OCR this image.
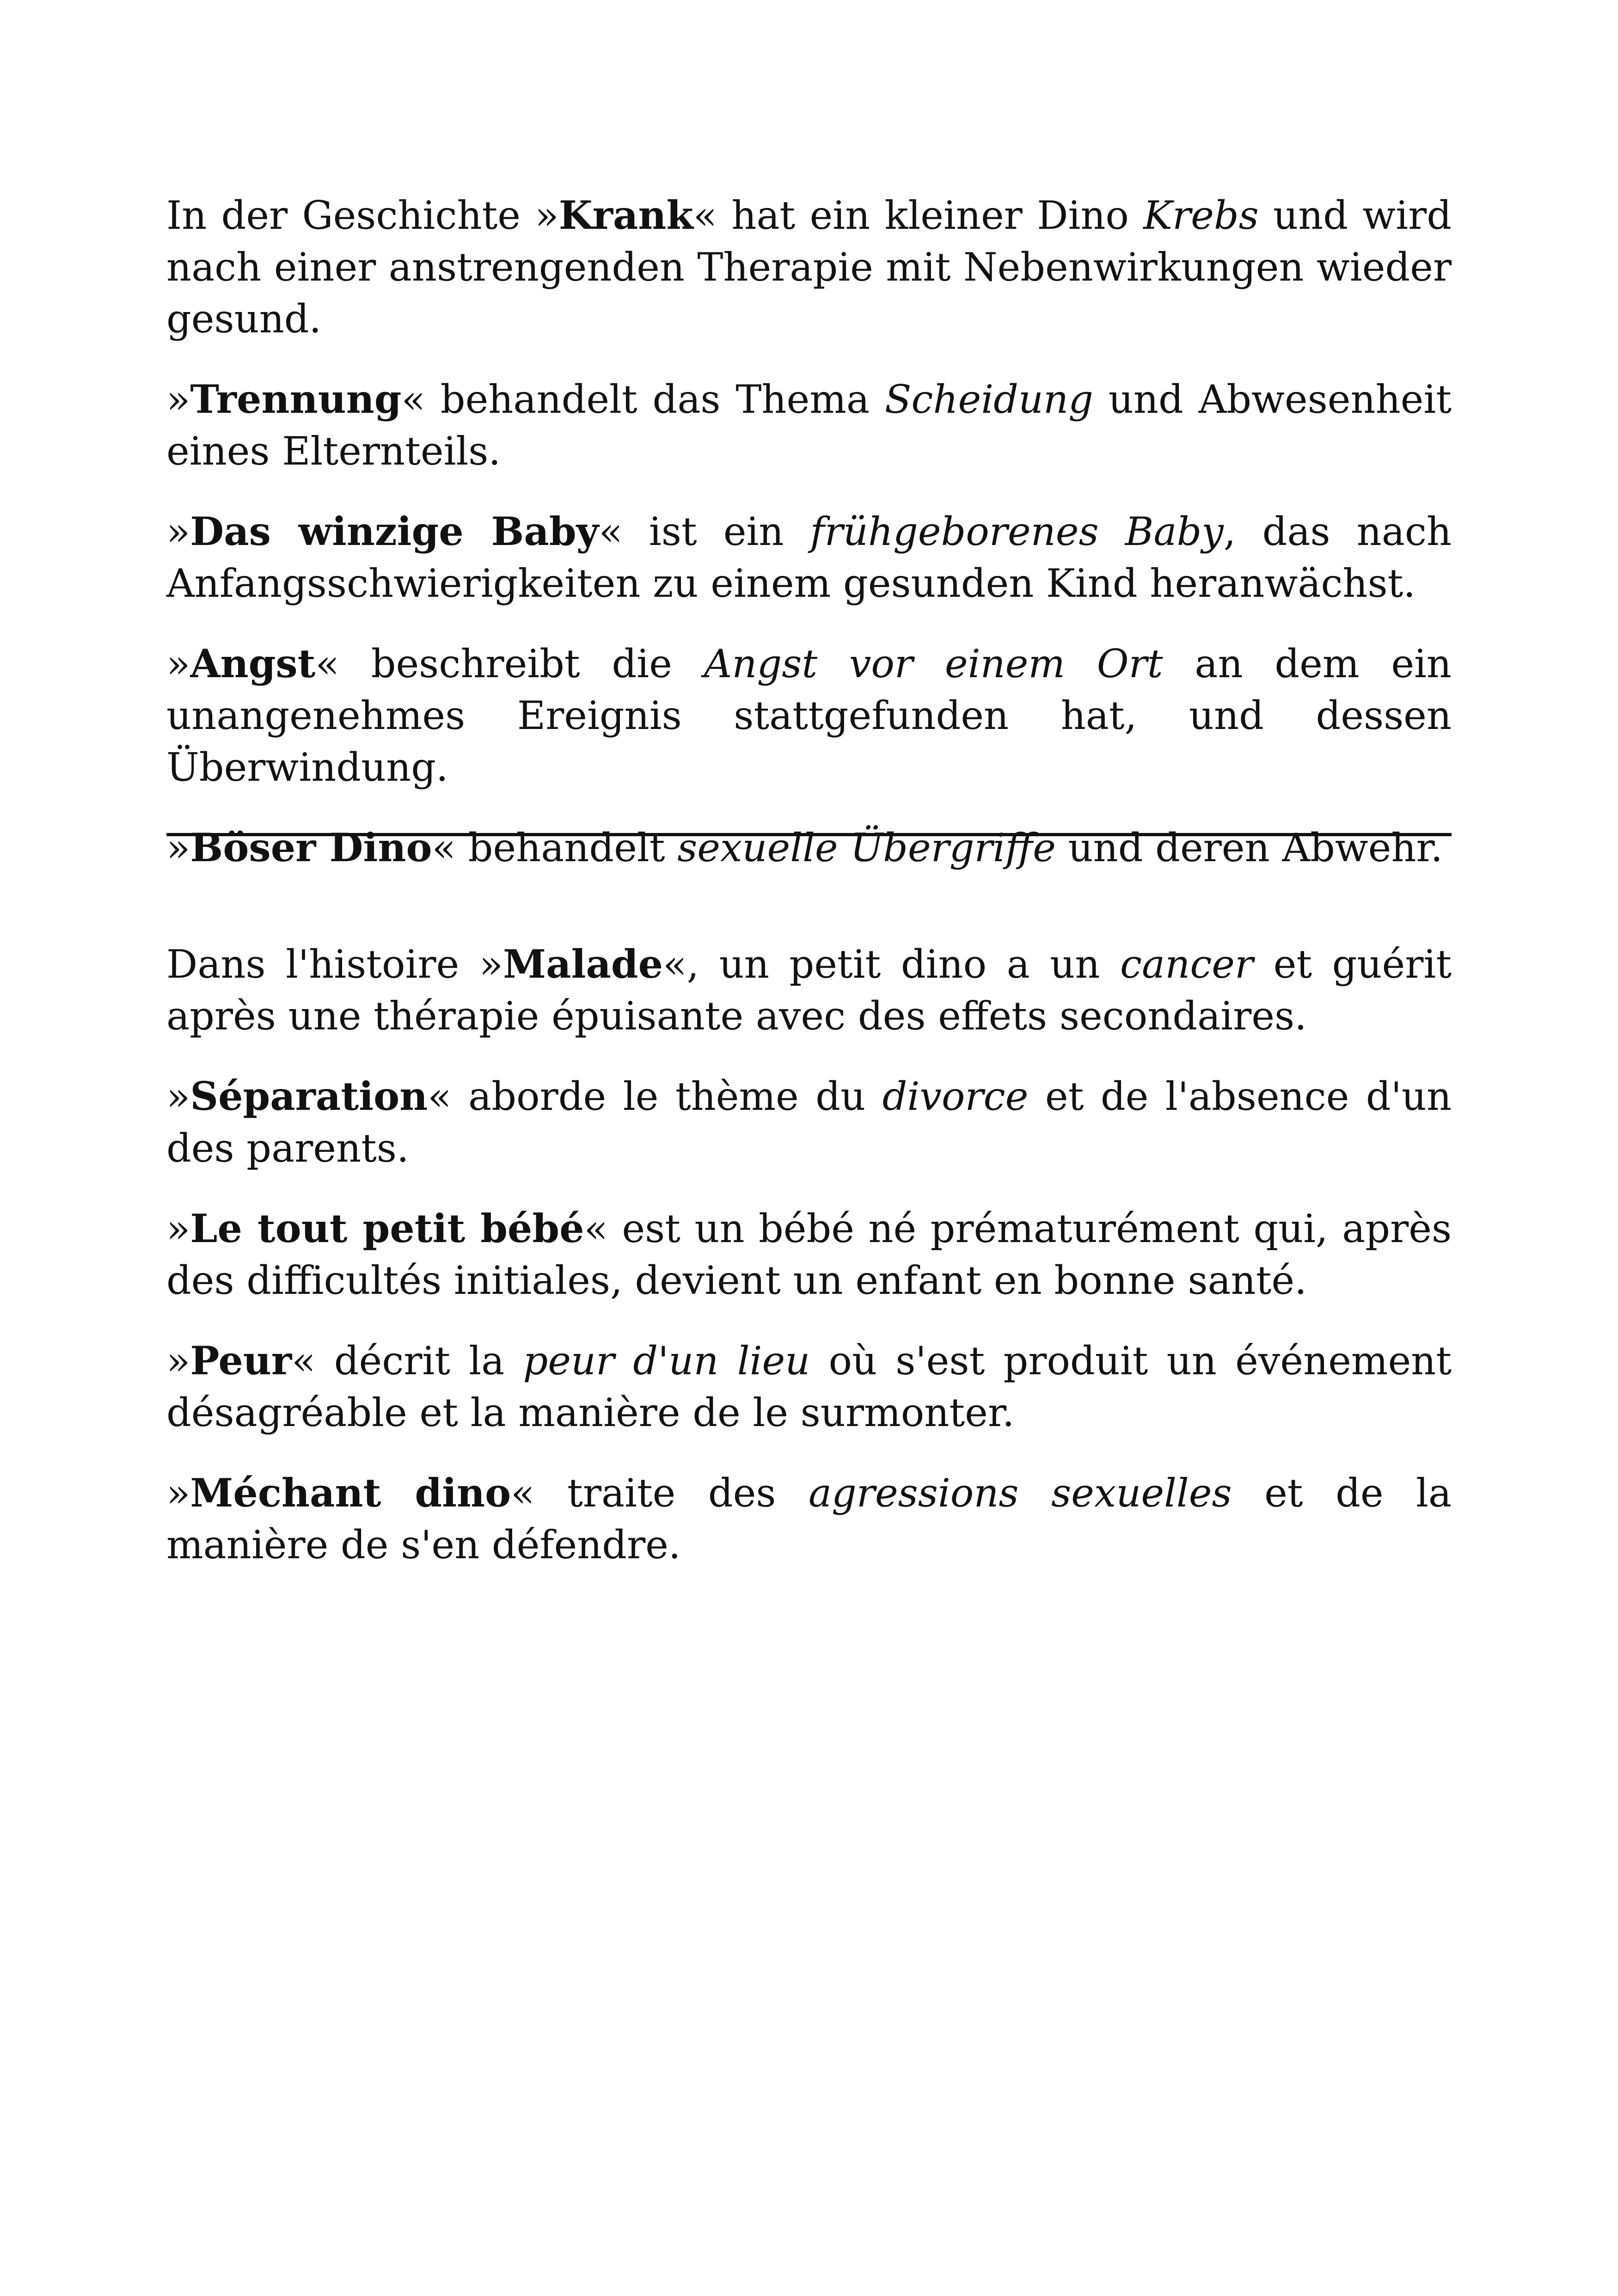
In der Geschichte »Krank« hat ein kleiner Dino Krebs und wird nach einer anstrengenden Therapie mit Nebenwirkungen wieder gesund.

»Trennung« behandelt das Thema Scheidung und Abwesenheit eines Elternteils.

»Das winzige Baby« ist ein frühgeborenes Baby, das nach Anfangsschwierigkeiten zu einem gesunden Kind heranwächst.

»Angst« beschreibt die Angst vor einem Ort an dem ein unangenehmes Ereignis stattgefunden hat, und dessen Überwindung.

»Böser Dino« behandelt sexuelle Übergriffe und deren Abwehr.

Dans l'histoire »Malade«, un petit dino a un cancer et guérit après une thérapie épuisante avec des effets secondaires.

»Séparation« aborde le thème du divorce et de l'absence d'un des parents.

»Le tout petit bébé« est un bébé né prématurément qui, après des difficultés initiales, devient un enfant en bonne santé.

»Peur« décrit la peur d'un lieu où s'est produit un événement désagréable et la manière de le surmonter.

»Méchant dino« traite des agressions sexuelles et de la manière de s'en défendre.
